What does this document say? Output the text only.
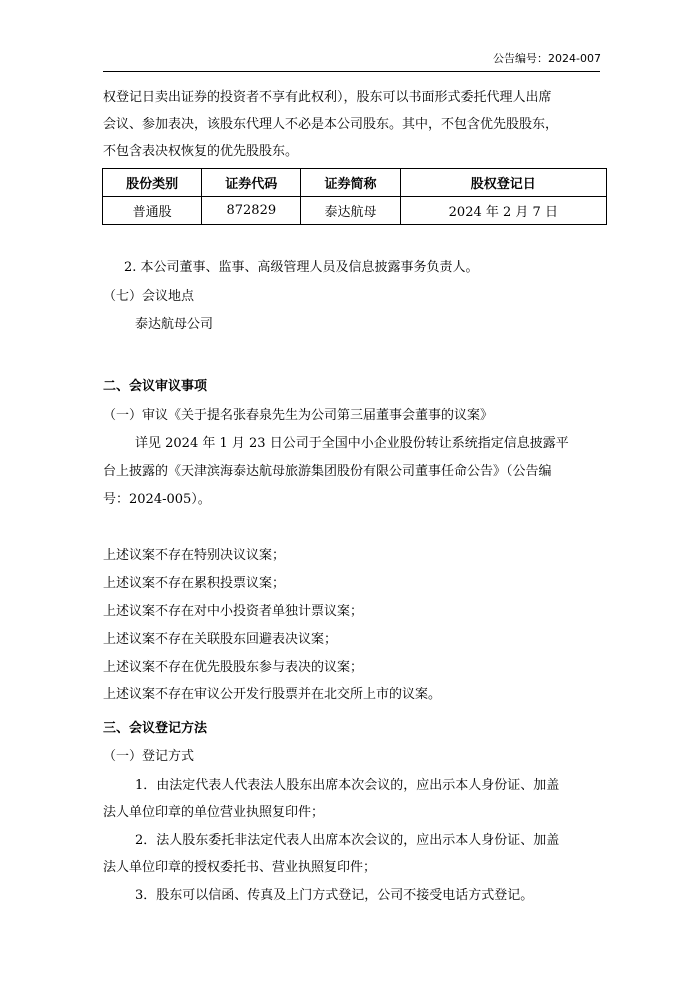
公告编号：2024-007
权登记日卖出证券的投资者不享有此权利），股东可以书面形式委托代理人出席
会议、参加表决，该股东代理人不必是本公司股东。其中，不包含优先股股东，
不包含表决权恢复的优先股股东。
股份类别	证券代码	证券简称	股权登记日
普通股	872829	泰达航母	2024 年 2 月 7 日
2. 本公司董事、监事、高级管理人员及信息披露事务负责人。
（七）会议地点
泰达航母公司
二、会议审议事项
（一）审议《关于提名张春泉先生为公司第三届董事会董事的议案》
详见 2024 年 1 月 23 日公司于全国中小企业股份转让系统指定信息披露平
台上披露的《天津滨海泰达航母旅游集团股份有限公司董事任命公告》（公告编
号：2024-005）。
上述议案不存在特别决议议案；
上述议案不存在累积投票议案；
上述议案不存在对中小投资者单独计票议案；
上述议案不存在关联股东回避表决议案；
上述议案不存在优先股股东参与表决的议案；
上述议案不存在审议公开发行股票并在北交所上市的议案。
三、会议登记方法
（一）登记方式
1．由法定代表人代表法人股东出席本次会议的，应出示本人身份证、加盖
法人单位印章的单位营业执照复印件；
2．法人股东委托非法定代表人出席本次会议的，应出示本人身份证、加盖
法人单位印章的授权委托书、营业执照复印件；
3．股东可以信函、传真及上门方式登记，公司不接受电话方式登记。
